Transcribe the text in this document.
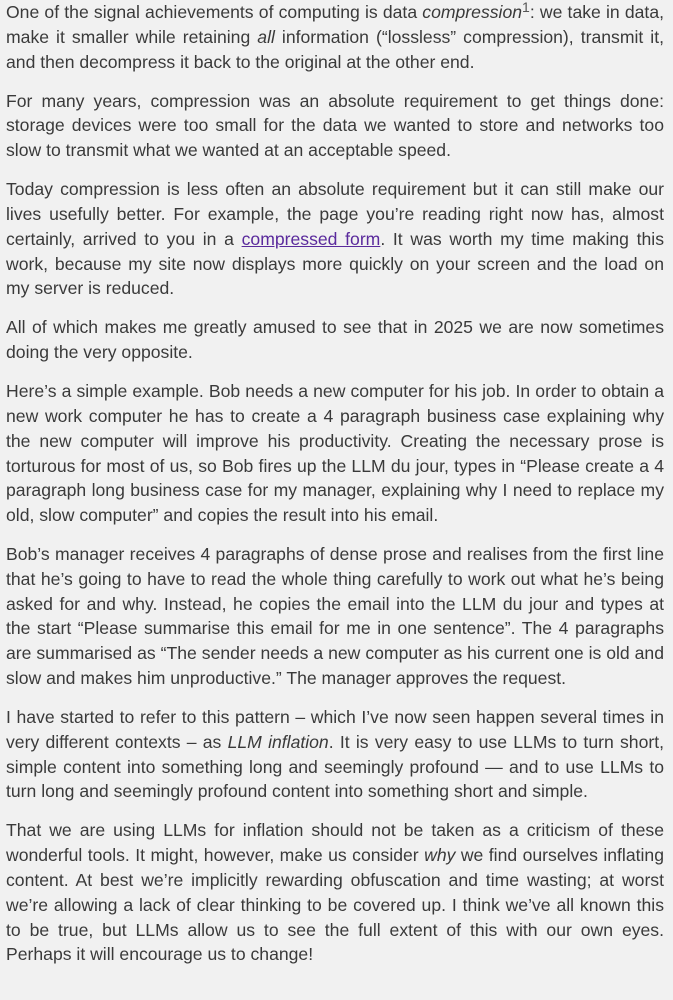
One of the signal achievements of computing is data compression$^1$: we take in data, make it smaller while retaining all information (“lossless” compression), transmit it, and then decompress it back to the original at the other end.

For many years, compression was an absolute requirement to get things done: storage devices were too small for the data we wanted to store and networks too slow to transmit what we wanted at an acceptable speed.

Today compression is less often an absolute requirement but it can still make our lives usefully better. For example, the page you’re reading right now has, almost certainly, arrived to you in a compressed form. It was worth my time making this work, because my site now displays more quickly on your screen and the load on my server is reduced.

All of which makes me greatly amused to see that in 2025 we are now sometimes doing the very opposite.

Here’s a simple example. Bob needs a new computer for his job. In order to obtain a new work computer he has to create a 4 paragraph business case explaining why the new computer will improve his productivity. Creating the necessary prose is torturous for most of us, so Bob fires up the LLM du jour, types in “Please create a 4 paragraph long business case for my manager, explaining why I need to replace my old, slow computer” and copies the result into his email.

Bob’s manager receives 4 paragraphs of dense prose and realises from the first line that he’s going to have to read the whole thing carefully to work out what he’s being asked for and why. Instead, he copies the email into the LLM du jour and types at the start “Please summarise this email for me in one sentence”. The 4 paragraphs are summarised as “The sender needs a new computer as his current one is old and slow and makes him unproductive.” The manager approves the request.

I have started to refer to this pattern – which I’ve now seen happen several times in very different contexts – as LLM inflation. It is very easy to use LLMs to turn short, simple content into something long and seemingly profound — and to use LLMs to turn long and seemingly profound content into something short and simple.

That we are using LLMs for inflation should not be taken as a criticism of these wonderful tools. It might, however, make us consider why we find ourselves inflating content. At best we’re implicitly rewarding obfuscation and time wasting; at worst we’re allowing a lack of clear thinking to be covered up. I think we’ve all known this to be true, but LLMs allow us to see the full extent of this with our own eyes. Perhaps it will encourage us to change!
